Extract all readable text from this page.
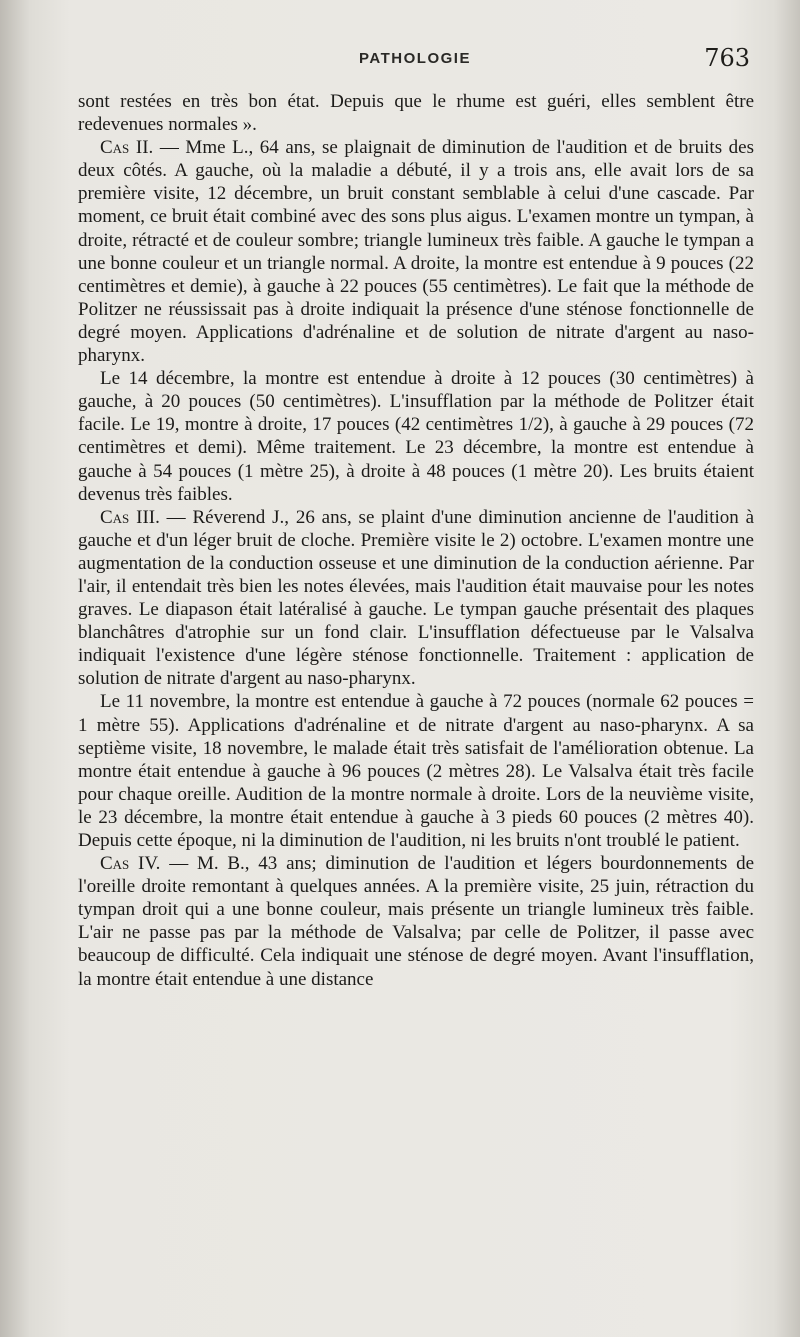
PATHOLOGIE	763

sont restées en très bon état. Depuis que le rhume est guéri, elles semblent être redevenues normales ».

Cas II. — Mme L., 64 ans, se plaignait de diminution de l'audition et de bruits des deux côtés. A gauche, où la maladie a débuté, il y a trois ans, elle avait lors de sa première visite, 12 décembre, un bruit constant semblable à celui d'une cascade. Par moment, ce bruit était combiné avec des sons plus aigus. L'examen montre un tympan, à droite, rétracté et de couleur sombre; triangle lumineux très faible. A gauche le tympan a une bonne couleur et un triangle normal. A droite, la montre est entendue à 9 pouces (22 centimètres et demie), à gauche à 22 pouces (55 centimètres). Le fait que la méthode de Politzer ne réussissait pas à droite indiquait la présence d'une sténose fonctionnelle de degré moyen. Applications d'adrénaline et de solution de nitrate d'argent au naso-pharynx.

Le 14 décembre, la montre est entendue à droite à 12 pouces (30 centimètres) à gauche, à 20 pouces (50 centimètres). L'insufflation par la méthode de Politzer était facile. Le 19, montre à droite, 17 pouces (42 centimètres 1/2), à gauche à 29 pouces (72 centimètres et demi). Même traitement. Le 23 décembre, la montre est entendue à gauche à 54 pouces (1 mètre 25), à droite à 48 pouces (1 mètre 20). Les bruits étaient devenus très faibles.

Cas III. — Réverend J., 26 ans, se plaint d'une diminution ancienne de l'audition à gauche et d'un léger bruit de cloche. Première visite le 2) octobre. L'examen montre une augmentation de la conduction osseuse et une diminution de la conduction aérienne. Par l'air, il entendait très bien les notes élevées, mais l'audition était mauvaise pour les notes graves. Le diapason était latéralisé à gauche. Le tympan gauche présentait des plaques blanchâtres d'atrophie sur un fond clair. L'insufflation défectueuse par le Valsalva indiquait l'existence d'une légère sténose fonctionnelle. Traitement : application de solution de nitrate d'argent au naso-pharynx.

Le 11 novembre, la montre est entendue à gauche à 72 pouces (normale 62 pouces = 1 mètre 55). Applications d'adrénaline et de nitrate d'argent au naso-pharynx. A sa septième visite, 18 novembre, le malade était très satisfait de l'amélioration obtenue. La montre était entendue à gauche à 96 pouces (2 mètres 28). Le Valsalva était très facile pour chaque oreille. Audition de la montre normale à droite. Lors de la neuvième visite, le 23 décembre, la montre était entendue à gauche à 3 pieds 60 pouces (2 mètres 40). Depuis cette époque, ni la diminution de l'audition, ni les bruits n'ont troublé le patient.

Cas IV. — M. B., 43 ans; diminution de l'audition et légers bourdonnements de l'oreille droite remontant à quelques années. A la première visite, 25 juin, rétraction du tympan droit qui a une bonne couleur, mais présente un triangle lumineux très faible. L'air ne passe pas par la méthode de Valsalva; par celle de Politzer, il passe avec beaucoup de difficulté. Cela indiquait une sténose de degré moyen. Avant l'insufflation, la montre était entendue à une distance
